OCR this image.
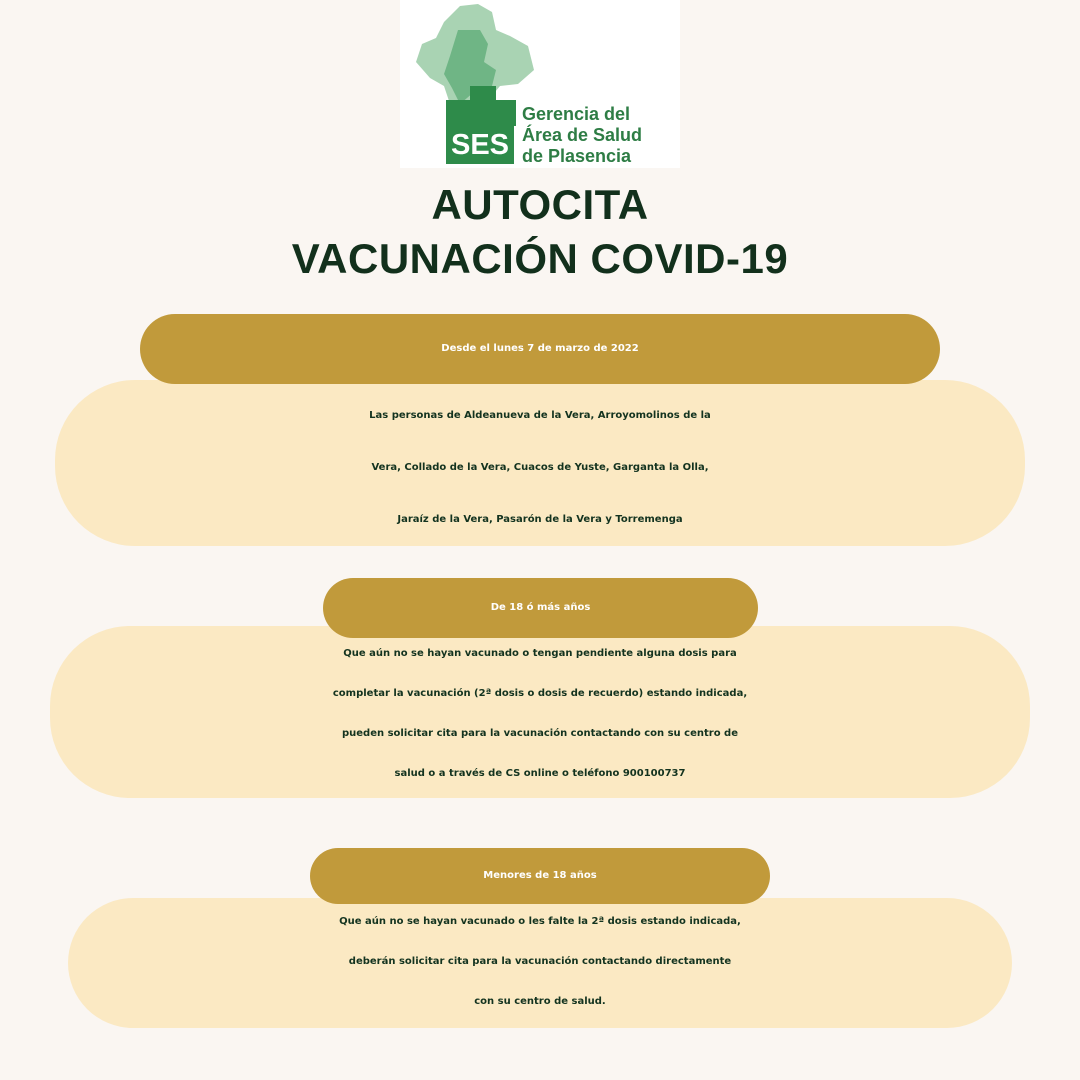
SES
Gerencia del
Área de Salud
de Plasencia
AUTOCITA
VACUNACIÓN COVID-19

Las personas de Aldeanueva de la Vera, Arroyomolinos de la

Vera, Collado de la Vera, Cuacos de Yuste, Garganta la Olla,

Jaraíz de la Vera, Pasarón de la Vera y Torremenga

Desde el lunes 7 de marzo de 2022

Que aún no se hayan vacunado o tengan pendiente alguna dosis para

completar la vacunación (2ª dosis o dosis de recuerdo) estando indicada,

pueden solicitar cita para la vacunación contactando con su centro de

salud o a través de CS online o teléfono 900100737

De 18 ó más años

Que aún no se hayan vacunado o les falte la 2ª dosis estando indicada,

deberán solicitar cita para la vacunación contactando directamente

con su centro de salud.

Menores de 18 años
